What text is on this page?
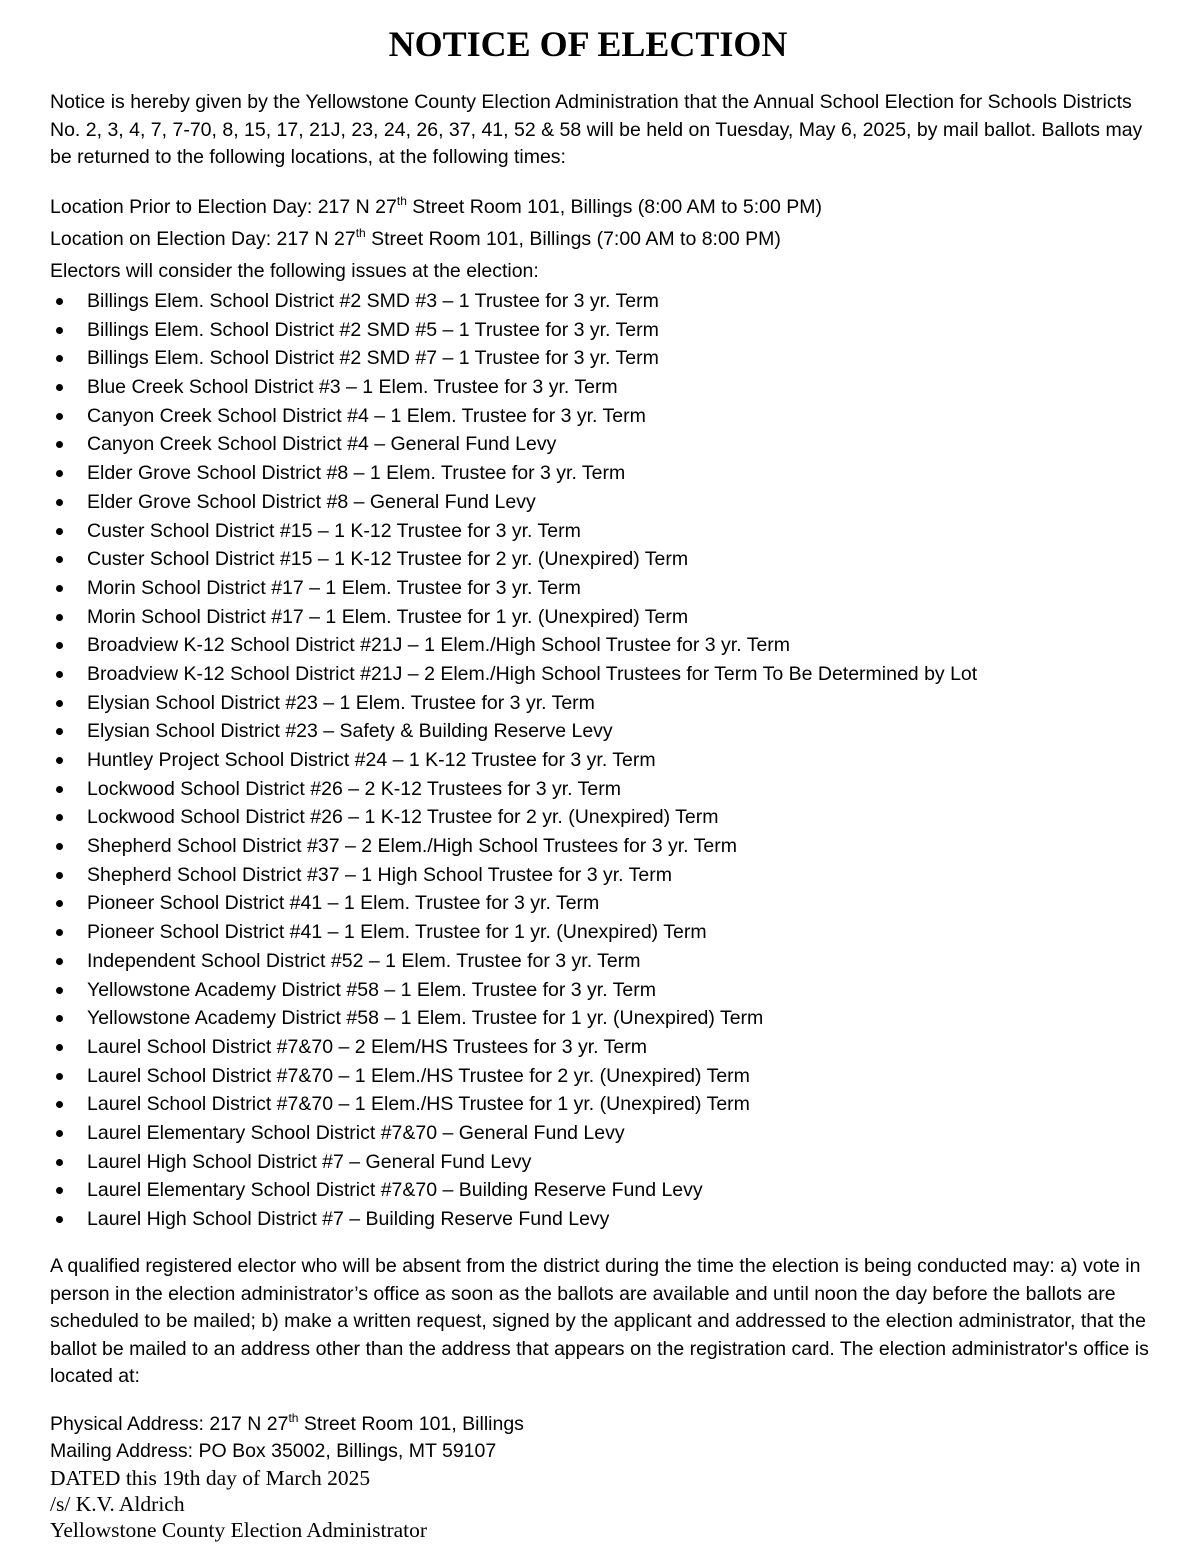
NOTICE OF ELECTION

Notice is hereby given by the Yellowstone County Election Administration that the Annual School Election for Schools Districts No. 2, 3, 4, 7, 7-70, 8, 15, 17, 21J, 23, 24, 26, 37, 41, 52 & 58 will be held on Tuesday, May 6, 2025, by mail ballot. Ballots may be returned to the following locations, at the following times:

Location Prior to Election Day: 217 N 27th Street Room 101, Billings (8:00 AM to 5:00 PM)
Location on Election Day: 217 N 27th Street Room 101, Billings (7:00 AM to 8:00 PM)
Electors will consider the following issues at the election:
Billings Elem. School District #2 SMD #3 – 1 Trustee for 3 yr. Term
Billings Elem. School District #2 SMD #5 – 1 Trustee for 3 yr. Term
Billings Elem. School District #2 SMD #7 – 1 Trustee for 3 yr. Term
Blue Creek School District #3 – 1 Elem. Trustee for 3 yr. Term
Canyon Creek School District #4 – 1 Elem. Trustee for 3 yr. Term
Canyon Creek School District #4 – General Fund Levy
Elder Grove School District #8 – 1 Elem. Trustee for 3 yr. Term
Elder Grove School District #8 – General Fund Levy
Custer School District #15 – 1 K-12 Trustee for 3 yr. Term
Custer School District #15 – 1 K-12 Trustee for 2 yr. (Unexpired) Term
Morin School District #17 – 1 Elem. Trustee for 3 yr. Term
Morin School District #17 – 1 Elem. Trustee for 1 yr. (Unexpired) Term
Broadview K-12 School District #21J – 1 Elem./High School Trustee for 3 yr. Term
Broadview K-12 School District #21J – 2 Elem./High School Trustees for Term To Be Determined by Lot
Elysian School District #23 – 1 Elem. Trustee for 3 yr. Term
Elysian School District #23 – Safety & Building Reserve Levy
Huntley Project School District #24 – 1 K-12 Trustee for 3 yr. Term
Lockwood School District #26 – 2 K-12 Trustees for 3 yr. Term
Lockwood School District #26 – 1 K-12 Trustee for 2 yr. (Unexpired) Term
Shepherd School District #37 – 2 Elem./High School Trustees for 3 yr. Term
Shepherd School District #37 – 1 High School Trustee for 3 yr. Term
Pioneer School District #41 – 1 Elem. Trustee for 3 yr. Term
Pioneer School District #41 – 1 Elem. Trustee for 1 yr. (Unexpired) Term
Independent School District #52 – 1 Elem. Trustee for 3 yr. Term
Yellowstone Academy District #58 – 1 Elem. Trustee for 3 yr. Term
Yellowstone Academy District #58 – 1 Elem. Trustee for 1 yr. (Unexpired) Term
Laurel School District #7&70 – 2 Elem/HS Trustees for 3 yr. Term
Laurel School District #7&70 – 1 Elem./HS Trustee for 2 yr. (Unexpired) Term
Laurel School District #7&70 – 1 Elem./HS Trustee for 1 yr. (Unexpired) Term
Laurel Elementary School District #7&70 – General Fund Levy
Laurel High School District #7 – General Fund Levy
Laurel Elementary School District #7&70 – Building Reserve Fund Levy
Laurel High School District #7 – Building Reserve Fund Levy

A qualified registered elector who will be absent from the district during the time the election is being conducted may: a) vote in person in the election administrator’s office as soon as the ballots are available and until noon the day before the ballots are scheduled to be mailed; b) make a written request, signed by the applicant and addressed to the election administrator, that the ballot be mailed to an address other than the address that appears on the registration card. The election administrator's office is located at:

Physical Address: 217 N 27th Street Room 101, Billings
Mailing Address: PO Box 35002, Billings, MT 59107
DATED this 19th day of March 2025
/s/ K.V. Aldrich
Yellowstone County Election Administrator
